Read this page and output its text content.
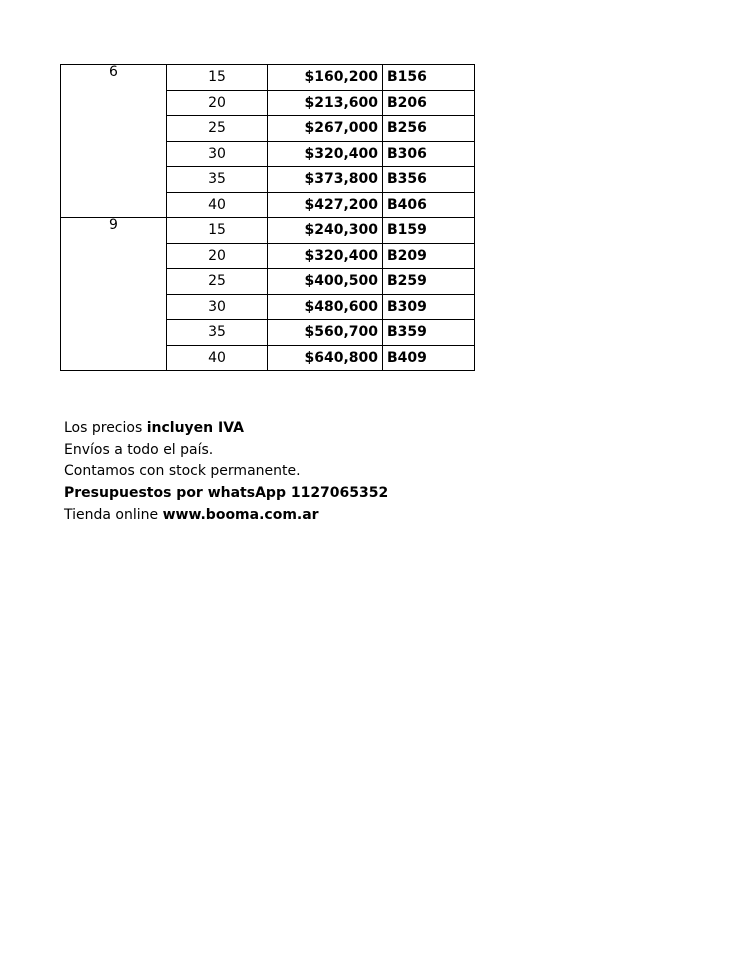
6	15	$160,200	B156
	20	$213,600	B206
	25	$267,000	B256
	30	$320,400	B306
	35	$373,800	B356
	40	$427,200	B406
9	15	$240,300	B159
	20	$320,400	B209
	25	$400,500	B259
	30	$480,600	B309
	35	$560,700	B359
	40	$640,800	B409

Los precios incluyen IVA

Envíos a todo el país.

Contamos con stock permanente.

Presupuestos por whatsApp 1127065352

Tienda online www.booma.com.ar
